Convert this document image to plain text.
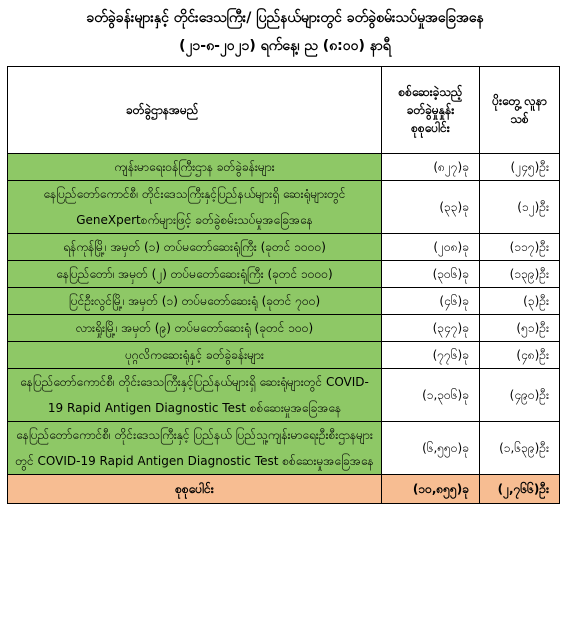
ခတ်ခွဲခန်းများနှင့် တိုင်းဒေသကြီး/ ပြည်နယ်များတွင် ခတ်ခွဲစမ်းသပ်မှုအခြေအနေ
(၂၁-၈-၂၀၂၁) ရက်နေ့၊ ည (၈:၀၀) နာရီ
ခတ်ခွဲဌာနအမည်	စစ်ဆေးခဲ့သည့် ခတ်ခွဲမှုနှုန်း စုစုပေါင်း	ပိုးတွေ့ လူနာသစ်
ကျန်းမာရေးဝန်ကြီးဌာန ခတ်ခွဲခန်းများ	(၈၂၇)ခု	(၂၄၅)ဦး
နေပြည်တော်ကောင်စီ၊ တိုင်းဒေသကြီးနှင့်ပြည်နယ်များရှိ ဆေးရုံများတွင် GeneXpertစက်များဖြင့် ခတ်ခွဲစမ်းသပ်မှုအခြေအနေ	(၃၃)ခု	(၁၂)ဦး
ရန်ကုန်မြို့၊ အမှတ် (၁) တပ်မတော်ဆေးရုံကြီး (ခုတင် ၁၀၀၀)	(၂၀၈)ခု	(၁၁၇)ဦး
နေပြည်တော်၊ အမှတ် (၂) တပ်မတော်ဆေးရုံကြီး (ခုတင် ၁၀၀၀)	(၃၀၆)ခု	(၁၃၉)ဦး
ပြင်ဦးလွင်မြို့၊ အမှတ် (၁) တပ်မတော်ဆေးရုံ (ခုတင် ၇၀၀)	(၄၆)ခု	(၃)ဦး
လားရှိုးမြို့၊ အမှတ် (၉) တပ်မတော်ဆေးရုံ (ခုတင် ၁၀၀)	(၃၄၇)ခု	(၅၁)ဦး
ပုဂ္ဂလိကဆေးရုံနှင့် ခတ်ခွဲခန်းများ	(၇၇၆)ခု	(၄၈)ဦး
နေပြည်တော်ကောင်စီ၊ တိုင်းဒေသကြီးနှင့်ပြည်နယ်များရှိ ဆေးရုံများတွင် COVID-19 Rapid Antigen Diagnostic Test စစ်ဆေးမှုအခြေအနေ	(၁,၃၀၆)ခု	(၄၉၀)ဦး
နေပြည်တော်ကောင်စီ၊ တိုင်းဒေသကြီးနှင့် ပြည်နယ် ပြည်သူ့ကျန်းမာရေးဦးစီးဌာနများတွင် COVID-19 Rapid Antigen Diagnostic Test စစ်ဆေးမှုအခြေအနေ	(၆,၅၅၀)ခု	(၁,၆၃၉)ဦး
စုစုပေါင်း	(၁၀,၈၅၅)ခု	(၂,၇၆၆)ဦး
